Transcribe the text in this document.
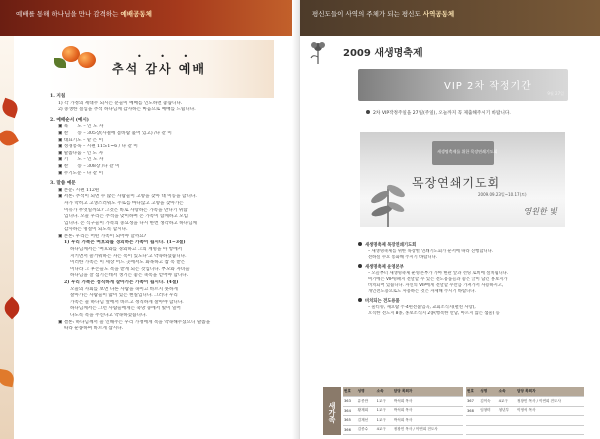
예배를 통해 하나님을 만나 감격하는 예배공동체
• • •
추석 감사 예배
1. 지침
1) 각 가정의 세대주 되시는 분들이 예배를 인도하면 좋습니다.
2) 중생한 질심을 추석 하나님께 감사하는 마음으로 예배를 드립니다.
2. 예배순서 (예시)
▣ 묵　　도 – 인 도 자
▣ 찬　　송 – 305장(사철에 봄바람 불어 있고) /다 같 이
▣ 대표기도 – 맡 은 이
▣ 성경봉독 – 시편 115:1~6 / 다 같 이
▣ 말씀나눔 – 인 도 자
▣ 기　　도 – 인 도 자
▣ 찬　　송 – 308장 /다 같 이
▣ 주기도문 – 다 같 이
3. 말씀 예문
▣ 본문: 시편 112편
▣ 서론: 추석이 되면 수 많은 사람들이 고향을 찾아 대 이동을 합니다.
자가 막히고 고생스러워도 주로를 마다않고 고향을 찾아가는
이유가 무엇일까요? 그것은 바로 사랑하는 가족을 만나기 위함
입니다. 오늘 우리는 추석을 맞이하여 온 가족이 함께하고 모임
입니다. 온 식구들이 가족의 중요성을 다시 한번 생각하고 하나님께
감사하는 명절이 되도록 합시다.
▣ 본론: 우리는 어떤 가족이 되어야 할까요?
1) 우리 가족은 여호와를 경외하는 가족이 됩시다. (1~3절)
하나님께서는 '여호와를 경외하고 그의 계명을 아 항에서
지키면서 즐거워하는 자는 복이 있도다'고 약속하셨습니다.
이러한 가족은 이 세상 어느 곳에서도 화목하고 참 복 받은
이나라 그 후손들도 복을 받게 되는 것입니다. 부모와 자녀들
하나님을 잘 섬기는데서 생기는 좋은 축복을 얻어야 합니다.
2) 우리 가족은 정직하게 살아가는 가족이 됩시다. (4절)
오늘의 사회를 보면 다른 사람을 속이고 바르지 못하게
살아가는 사람들이 많이 있는 현실입니다. 그러나 우리
가족은 늘 하나님 앞에서 바르고 정직하게 살아야 합니다.
하나님께서는 그런 사람들에게는 축망 중에서 빛이 일어
나도록 복을 주신다고 약속하셨습니다.
▣ 결론: 하나님께서 늘 인해주는 우리 가정에게 복을 약속해주셨으니 말씀을
따라 순종하며 바르게 삽시다.
평신도들이 사역의 주체가 되는 평신도 사역공동체
2009 새생명축제
VIP 2차 작정기간
9월 27일
2차 VIP작정주일을 27일(주일), 오늘까지 꼭 제출해주시기 바랍니다.
새생명축제를 위한 목장연쇄기도회
목장연쇄기도회
2009.09.23일~10.17(토)
영원한 빛
새생명축제 목장연쇄기도회
– 새생명축제를 위한 목장별 연쇄기도회가 순서에 따라 진행합니다.
전하실 수요 통화해 주시기 바랍니다.
새생명축제 운영본부
– 오늘부터 새생명축제 운영본부가 가마 현관 앞과 선팅 로비에 설치됩니다.
여기에는 VIP명패지 전달할 수 있는 전도용품들과 좋은 글이 담긴 홍보지가
비치되어 있습니다. 자신의 VIP에게 전달할 수만큼 가져가서 사용하시고,
개인전도용으로도 사용하는 것은 자제해 주시기 바랍니다.
비치되는 전도용품
– 물티슈, 새요람 주·4편전불임곡, 교회소식지(펼친 사랑),
오직한 전도지 8종, 홍보소식지 2종(행복한 만남, 아르지 않는 샘물) 등
새가족
번호	성명	소속	담당 목회자
363	유종만	1교구	박석희 목사
364	황재희	1교구	박석희 목사
365	김재선	1교구	박석희 목사
366	김종수	4교구	정창민 목사 / 이연희 전도사
번호	성명	소속	담당 목회자
367	김이숙	4교구	정창민 목사 / 이연희 전도사
368	임창미	청년부	이영석 목사
